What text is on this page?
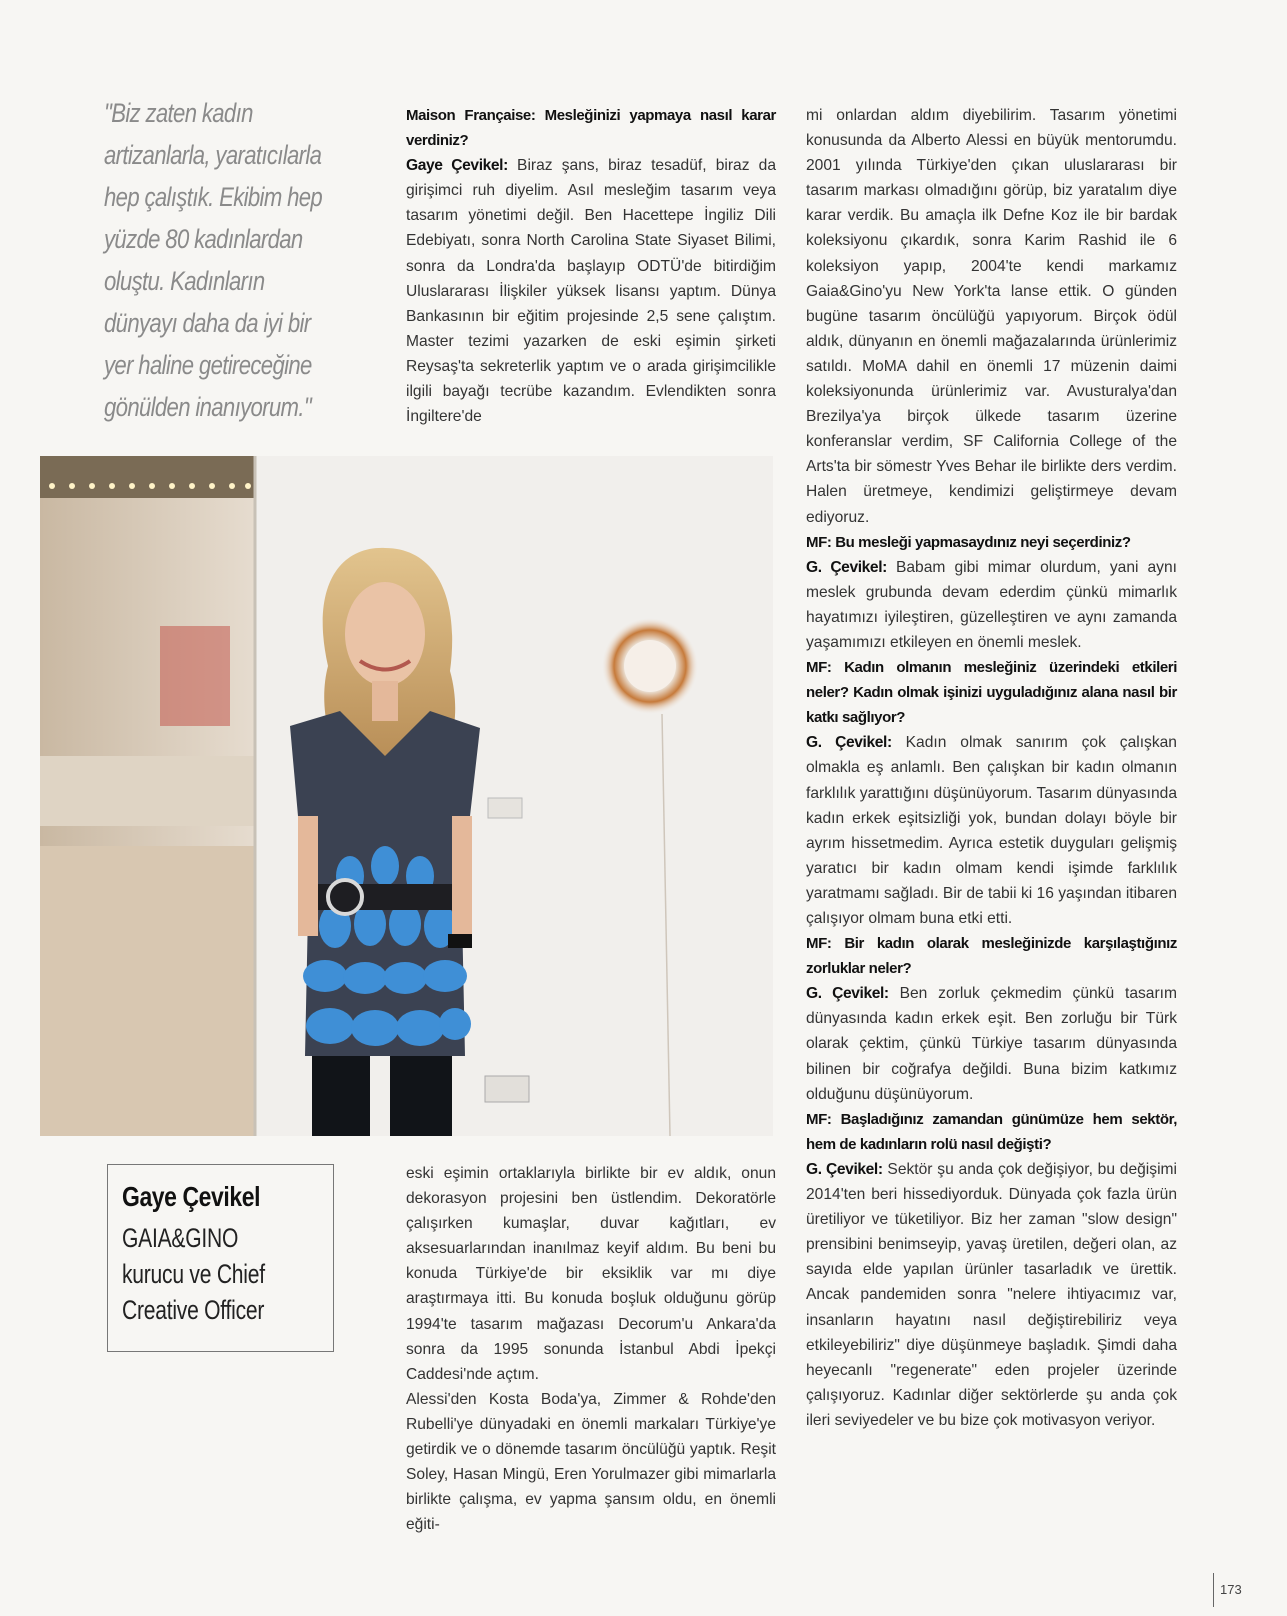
"Biz zaten kadın
artizanlarla, yaratıcılarla
hep çalıştık. Ekibim hep
yüzde 80 kadınlardan
oluştu. Kadınların
dünyayı daha da iyi bir
yer haline getireceğine
gönülden inanıyorum."

Maison Française: Mesleğinizi yapmaya nasıl karar verdiniz?

Gaye Çevikel: Biraz şans, biraz tesadüf, biraz da girişimci ruh diyelim. Asıl mesleğim tasarım veya tasarım yönetimi değil. Ben Hacettepe İngiliz Dili Edebiyatı, sonra North Carolina State Siyaset Bilimi, sonra da Londra'da başlayıp ODTÜ'de bitirdiğim Uluslararası İlişkiler yüksek lisansı yaptım. Dünya Bankasının bir eğitim projesinde 2,5 sene çalıştım. Master tezimi yazarken de eski eşimin şirketi Reysaş'ta sekreterlik yaptım ve o arada girişimcilikle ilgili bayağı tecrübe kazandım. Evlendikten sonra İngiltere'de

Gaye Çevikel
GAIA&GINO
kurucu ve Chief
Creative Officer

eski eşimin ortaklarıyla birlikte bir ev aldık, onun dekorasyon projesini ben üstlendim. Dekoratörle çalışırken kumaşlar, duvar kağıtları, ev aksesuarlarından inanılmaz keyif aldım. Bu beni bu konuda Türkiye'de bir eksiklik var mı diye araştırmaya itti. Bu konuda boşluk olduğunu görüp 1994'te tasarım mağazası Decorum'u Ankara'da sonra da 1995 sonunda İstanbul Abdi İpekçi Caddesi'nde açtım.

Alessi'den Kosta Boda'ya, Zimmer & Rohde'den Rubelli'ye dünyadaki en önemli markaları Türkiye'ye getirdik ve o dönemde tasarım öncülüğü yaptık. Reşit Soley, Hasan Mingü, Eren Yorulmazer gibi mimarlarla birlikte çalışma, ev yapma şansım oldu, en önemli eğiti-

mi onlardan aldım diyebilirim. Tasarım yönetimi konusunda da Alberto Alessi en büyük mentorumdu. 2001 yılında Türkiye'den çıkan uluslararası bir tasarım markası olmadığını görüp, biz yaratalım diye karar verdik. Bu amaçla ilk Defne Koz ile bir bardak koleksiyonu çıkardık, sonra Karim Rashid ile 6 koleksiyon yapıp, 2004'te kendi markamız Gaia&Gino'yu New York'ta lanse ettik. O günden bugüne tasarım öncülüğü yapıyorum. Birçok ödül aldık, dünyanın en önemli mağazalarında ürünlerimiz satıldı. MoMA dahil en önemli 17 müzenin daimi koleksiyonunda ürünlerimiz var. Avusturalya'dan Brezilya'ya birçok ülkede tasarım üzerine konferanslar verdim, SF California College of the Arts'ta bir sömestr Yves Behar ile birlikte ders verdim. Halen üretmeye, kendimizi geliştirmeye devam ediyoruz.

MF: Bu mesleği yapmasaydınız neyi seçerdiniz?

G. Çevikel: Babam gibi mimar olurdum, yani aynı meslek grubunda devam ederdim çünkü mimarlık hayatımızı iyileştiren, güzelleştiren ve aynı zamanda yaşamımızı etkileyen en önemli meslek.

MF: Kadın olmanın mesleğiniz üzerindeki etkileri neler? Kadın olmak işinizi uyguladığınız alana nasıl bir katkı sağlıyor?

G. Çevikel: Kadın olmak sanırım çok çalışkan olmakla eş anlamlı. Ben çalışkan bir kadın olmanın farklılık yarattığını düşünüyorum. Tasarım dünyasında kadın erkek eşitsizliği yok, bundan dolayı böyle bir ayrım hissetmedim. Ayrıca estetik duyguları gelişmiş yaratıcı bir kadın olmam kendi işimde farklılık yaratmamı sağladı. Bir de tabii ki 16 yaşından itibaren çalışıyor olmam buna etki etti.

MF: Bir kadın olarak mesleğinizde karşılaştığınız zorluklar neler?

G. Çevikel: Ben zorluk çekmedim çünkü tasarım dünyasında kadın erkek eşit. Ben zorluğu bir Türk olarak çektim, çünkü Türkiye tasarım dünyasında bilinen bir coğrafya değildi. Buna bizim katkımız olduğunu düşünüyorum.

MF: Başladığınız zamandan günümüze hem sektör, hem de kadınların rolü nasıl değişti?

G. Çevikel: Sektör şu anda çok değişiyor, bu değişimi 2014'ten beri hissediyorduk. Dünyada çok fazla ürün üretiliyor ve tüketiliyor. Biz her zaman "slow design" prensibini benimseyip, yavaş üretilen, değeri olan, az sayıda elde yapılan ürünler tasarladık ve ürettik. Ancak pandemiden sonra "nelere ihtiyacımız var, insanların hayatını nasıl değiştirebiliriz veya etkileyebiliriz" diye düşünmeye başladık. Şimdi daha heyecanlı "regenerate" eden projeler üzerinde çalışıyoruz. Kadınlar diğer sektörlerde şu anda çok ileri seviyedeler ve bu bize çok motivasyon veriyor.

173
